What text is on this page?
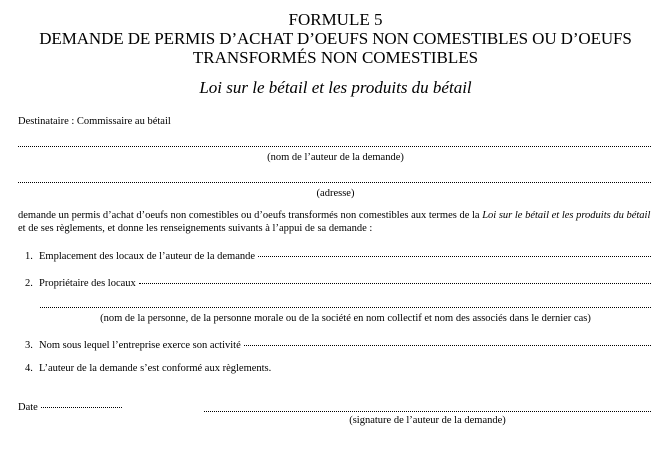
FORMULE 5
DEMANDE DE PERMIS D’ACHAT D’OEUFS NON COMESTIBLES OU D’OEUFS
TRANSFORMÉS NON COMESTIBLES
Loi sur le bétail et les produits du bétail
Destinataire : Commissaire au bétail
(nom de l’auteur de la demande)
(adresse)
demande un permis d’achat d’oeufs non comestibles ou d’oeufs transformés non comestibles aux termes de la Loi sur le bétail et les produits du bétail et de ses règlements, et donne les renseignements suivants à l’appui de sa demande :
1. Emplacement des locaux de l’auteur de la demande
2. Propriétaire des locaux
(nom de la personne, de la personne morale ou de la société en nom collectif et nom des associés dans le dernier cas)
3. Nom sous lequel l’entreprise exerce son activité
4. L’auteur de la demande s’est conformé aux règlements.
Date
(signature de l’auteur de la demande)
